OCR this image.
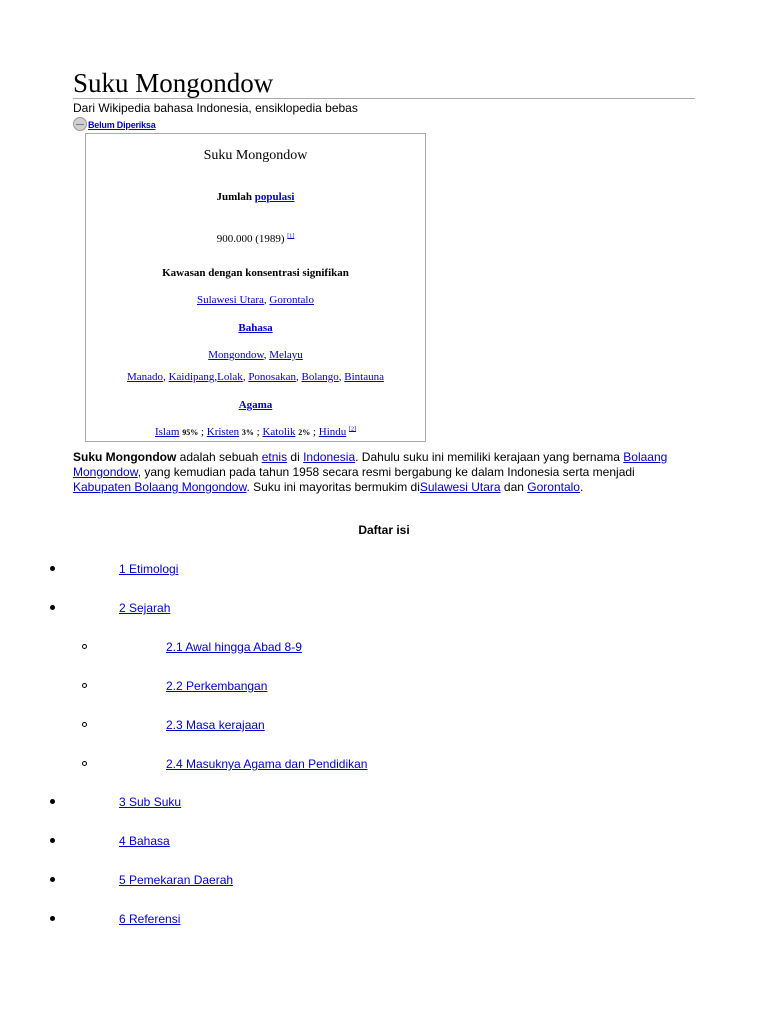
Suku Mongondow
Dari Wikipedia bahasa Indonesia, ensiklopedia bebas
Belum Diperiksa
Suku Mongondow
Jumlah populasi
900.000 (1989) [1]
Kawasan dengan konsentrasi signifikan
Sulawesi Utara, Gorontalo
Bahasa
Mongondow, Melayu
Manado, Kaidipang,Lolak, Ponosakan, Bolango, Bintauna
Agama
Islam 95% ; Kristen 3% ; Katolik 2% ; Hindu [2]

Suku Mongondow adalah sebuah etnis di Indonesia. Dahulu suku ini memiliki kerajaan yang bernama Bolaang Mongondow, yang kemudian pada tahun 1958 secara resmi bergabung ke dalam Indonesia serta menjadi Kabupaten Bolaang Mongondow. Suku ini mayoritas bermukim diSulawesi Utara dan Gorontalo.

Daftar isi
1 Etimologi
2 Sejarah
2.1 Awal hingga Abad 8-9
2.2 Perkembangan
2.3 Masa kerajaan
2.4 Masuknya Agama dan Pendidikan
3 Sub Suku
4 Bahasa
5 Pemekaran Daerah
6 Referensi
